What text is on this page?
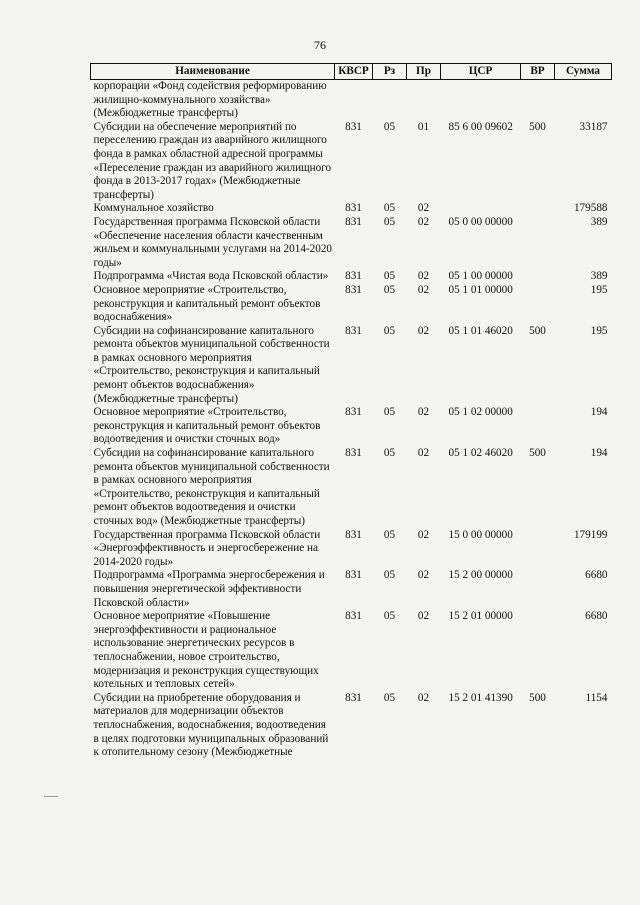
76
Наименование	КВСР	Рз	Пр	ЦСР	ВР	Сумма
корпорации «Фонд содействия реформированию жилищно-коммунального хозяйства» (Межбюджетные трансферты)						
Субсидии на обеспечение мероприятий по переселению граждан из аварийного жилищного фонда в рамках областной адресной программы «Переселение граждан из аварийного жилищного фонда в 2013-2017 годах» (Межбюджетные трансферты)	831	05	01	85 6 00 09602	500	33187
Коммунальное хозяйство	831	05	02			179588
Государственная программа Псковской области «Обеспечение населения области качественным жильем и коммунальными услугами на 2014-2020 годы»	831	05	02	05 0 00 00000		389
Подпрограмма «Чистая вода Псковской области»	831	05	02	05 1 00 00000		389
Основное мероприятие «Строительство, реконструкция и капитальный ремонт объектов водоснабжения»	831	05	02	05 1 01 00000		195
Субсидии на софинансирование капитального ремонта объектов муниципальной собственности в рамках основного мероприятия «Строительство, реконструкция и капитальный ремонт объектов водоснабжения» (Межбюджетные трансферты)	831	05	02	05 1 01 46020	500	195
Основное мероприятие «Строительство, реконструкция и капитальный ремонт объектов водоотведения и очистки сточных вод»	831	05	02	05 1 02 00000		194
Субсидии на софинансирование капитального ремонта объектов муниципальной собственности в рамках основного мероприятия «Строительство, реконструкция и капитальный ремонт объектов водоотведения и очистки сточных вод» (Межбюджетные трансферты)	831	05	02	05 1 02 46020	500	194
Государственная программа Псковской области «Энергоэффективность и энергосбережение на 2014-2020 годы»	831	05	02	15 0 00 00000		179199
Подпрограмма «Программа энергосбережения и повышения энергетической эффективности Псковской области»	831	05	02	15 2 00 00000		6680
Основное мероприятие «Повышение энергоэффективности и рациональное использование энергетических ресурсов в теплоснабжении, новое строительство, модернизация и реконструкция существующих котельных и тепловых сетей»	831	05	02	15 2 01 00000		6680
Субсидии на приобретение оборудования и материалов для модернизации объектов теплоснабжения, водоснабжения, водоотведения в целях подготовки муниципальных образований к отопительному сезону (Межбюджетные	831	05	02	15 2 01 41390	500	1154
